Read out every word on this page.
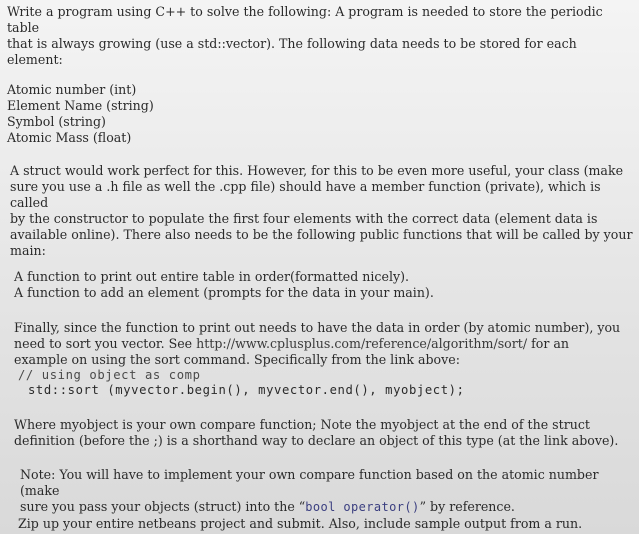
Write a program using C++ to solve the following: A program is needed to store the periodic table

that is always growing (use a std::vector). The following data needs to be stored for each

element:

Atomic number (int)

Element Name (string)

Symbol (string)

Atomic Mass (float)

A struct would work perfect for this. However, for this to be even more useful, your class (make

sure you use a .h file as well the .cpp file) should have a member function (private), which is called

by the constructor to populate the first four elements with the correct data (element data is

available online). There also needs to be the following public functions that will be called by your

main:

A function to print out entire table in order(formatted nicely).

A function to add an element (prompts for the data in your main).

Finally, since the function to print out needs to have the data in order (by atomic number), you

need to sort you vector. See http://www.cplusplus.com/reference/algorithm/sort/ for an

example on using the sort command. Specifically from the link above:

// using object as comp
std::sort (myvector.begin(), myvector.end(), myobject);

Where myobject is your own compare function; Note the myobject at the end of the struct

definition (before the ;) is a shorthand way to declare an object of this type (at the link above).

Note: You will have to implement your own compare function based on the atomic number (make

sure you pass your objects (struct) into the “bool operator()” by reference.

Zip up your entire netbeans project and submit. Also, include sample output from a run.
